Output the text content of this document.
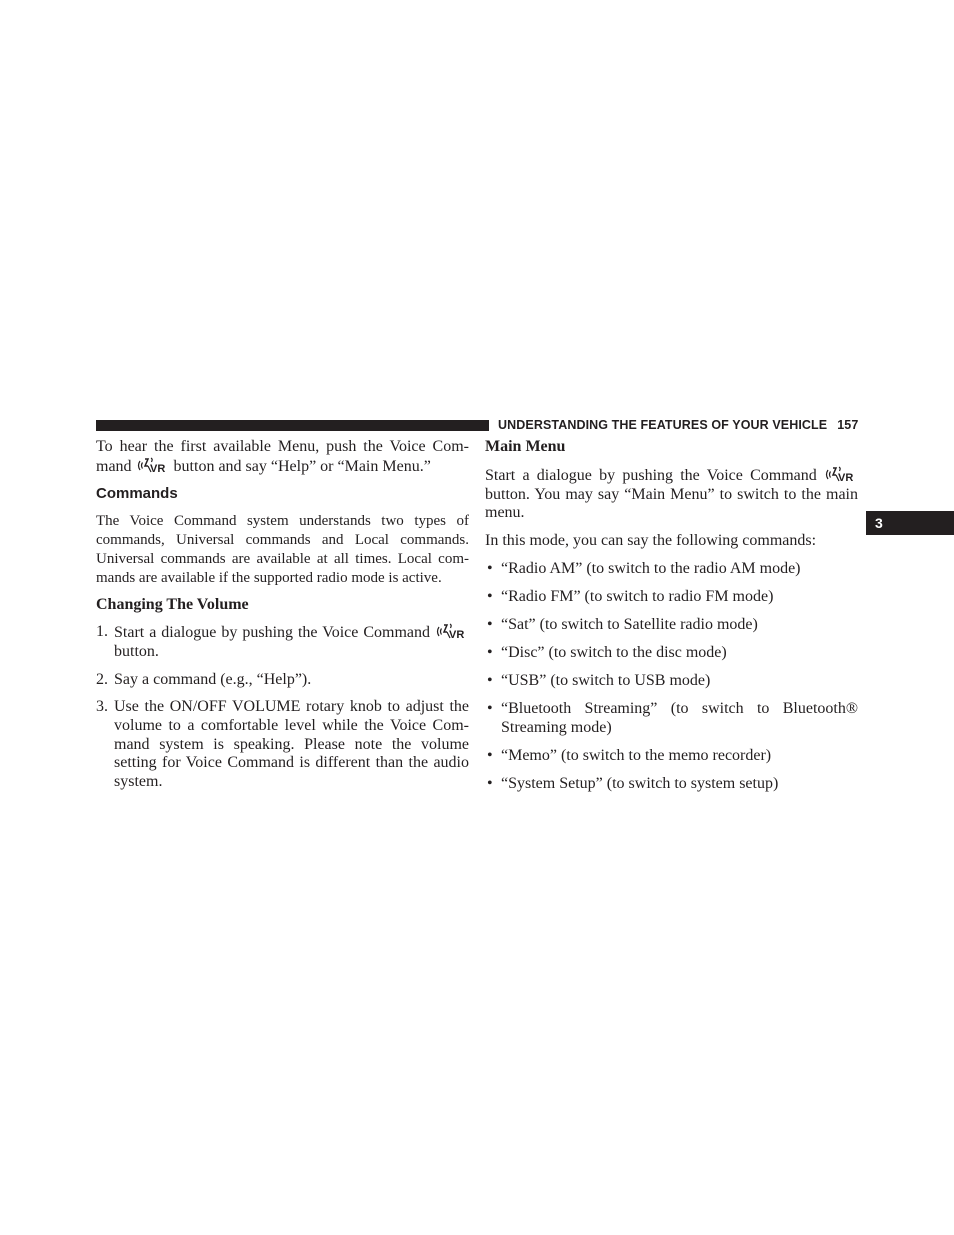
UNDERSTANDING THE FEATURES OF YOUR VEHICLE 157
3

To hear the first available Menu, push the Voice Com-mand VR button and say “Help” or “Main Menu.”

Commands

The Voice Command system understands two types of commands, Universal commands and Local commands. Universal commands are available at all times. Local com-mands are available if the supported radio mode is active.

Changing The Volume
1. Start a dialogue by pushing the Voice Command VR
button.
2. Say a command (e.g., “Help”).
3. Use the ON/OFF VOLUME rotary knob to adjust the volume to a comfortable level while the Voice Com-mand system is speaking. Please note the volume setting for Voice Command is different than the audio system.
Main Menu

Start a dialogue by pushing the Voice Command VR
button. You may say “Main Menu” to switch to the main menu.

In this mode, you can say the following commands:

• “Radio AM” (to switch to the radio AM mode)
• “Radio FM” (to switch to radio FM mode)
• “Sat” (to switch to Satellite radio mode)
• “Disc” (to switch to the disc mode)
• “USB” (to switch to USB mode)
• “Bluetooth Streaming” (to switch to Bluetooth® Streaming mode)
• “Memo” (to switch to the memo recorder)
• “System Setup” (to switch to system setup)
